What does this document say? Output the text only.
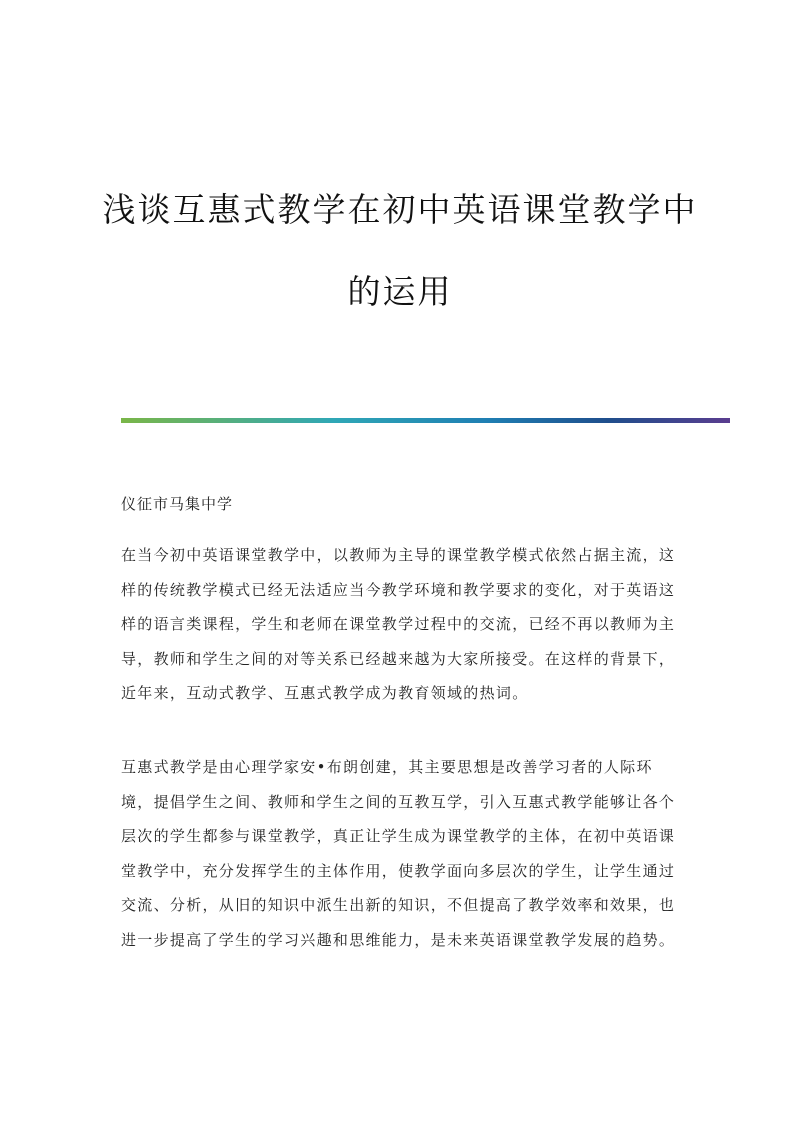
浅谈互惠式教学在初中英语课堂教学中
的运用
仪征市马集中学

在当今初中英语课堂教学中，以教师为主导的课堂教学模式依然占据主流，这

样的传统教学模式已经无法适应当今教学环境和教学要求的变化，对于英语这

样的语言类课程，学生和老师在课堂教学过程中的交流，已经不再以教师为主

导，教师和学生之间的对等关系已经越来越为大家所接受。在这样的背景下，

近年来，互动式教学、互惠式教学成为教育领域的热词。

互惠式教学是由心理学家安•布朗创建，其主要思想是改善学习者的人际环

境，提倡学生之间、教师和学生之间的互教互学，引入互惠式教学能够让各个

层次的学生都参与课堂教学，真正让学生成为课堂教学的主体，在初中英语课

堂教学中，充分发挥学生的主体作用，使教学面向多层次的学生，让学生通过

交流、分析，从旧的知识中派生出新的知识，不但提高了教学效率和效果，也

进一步提高了学生的学习兴趣和思维能力，是未来英语课堂教学发展的趋势。
